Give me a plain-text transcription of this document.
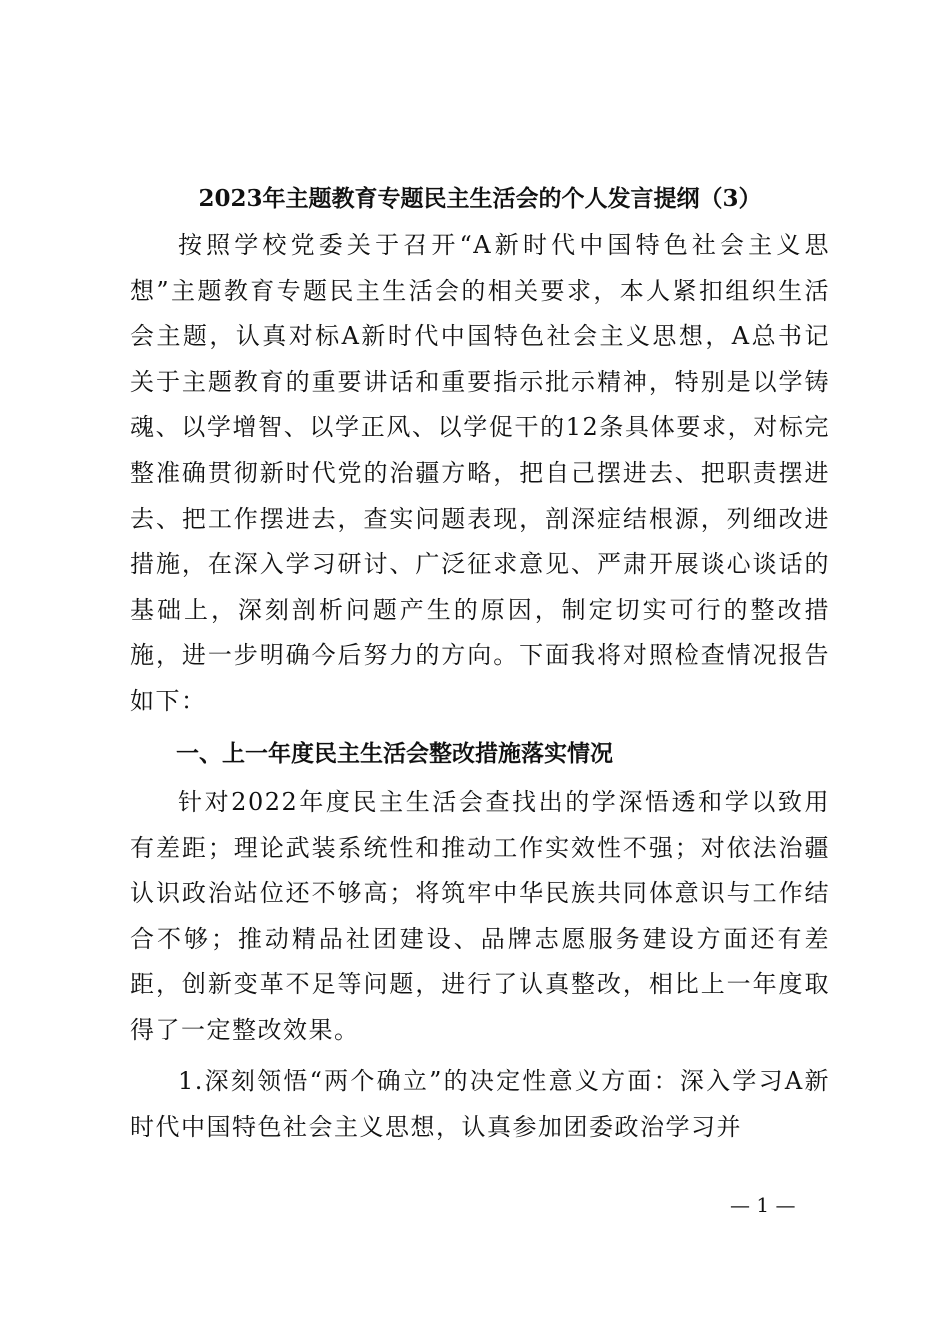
2023年主题教育专题民主生活会的个人发言提纲（3）

按照学校党委关于召开“A新时代中国特色社会主义思想”主题教育专题民主生活会的相关要求，本人紧扣组织生活会主题，认真对标A新时代中国特色社会主义思想，A总书记关于主题教育的重要讲话和重要指示批示精神，特别是以学铸魂、以学增智、以学正风、以学促干的12条具体要求，对标完整准确贯彻新时代党的治疆方略，把自己摆进去、把职责摆进去、把工作摆进去，查实问题表现，剖深症结根源，列细改进措施，在深入学习研讨、广泛征求意见、严肃开展谈心谈话的基础上，深刻剖析问题产生的原因，制定切实可行的整改措施，进一步明确今后努力的方向。下面我将对照检查情况报告如下：

一、上一年度民主生活会整改措施落实情况

针对2022年度民主生活会查找出的学深悟透和学以致用有差距；理论武装系统性和推动工作实效性不强；对依法治疆认识政治站位还不够高；将筑牢中华民族共同体意识与工作结合不够；推动精品社团建设、品牌志愿服务建设方面还有差距，创新变革不足等问题，进行了认真整改，相比上一年度取得了一定整改效果。

1.深刻领悟“两个确立”的决定性意义方面：深入学习A新时代中国特色社会主义思想，认真参加团委政治学习并

— 1 —
